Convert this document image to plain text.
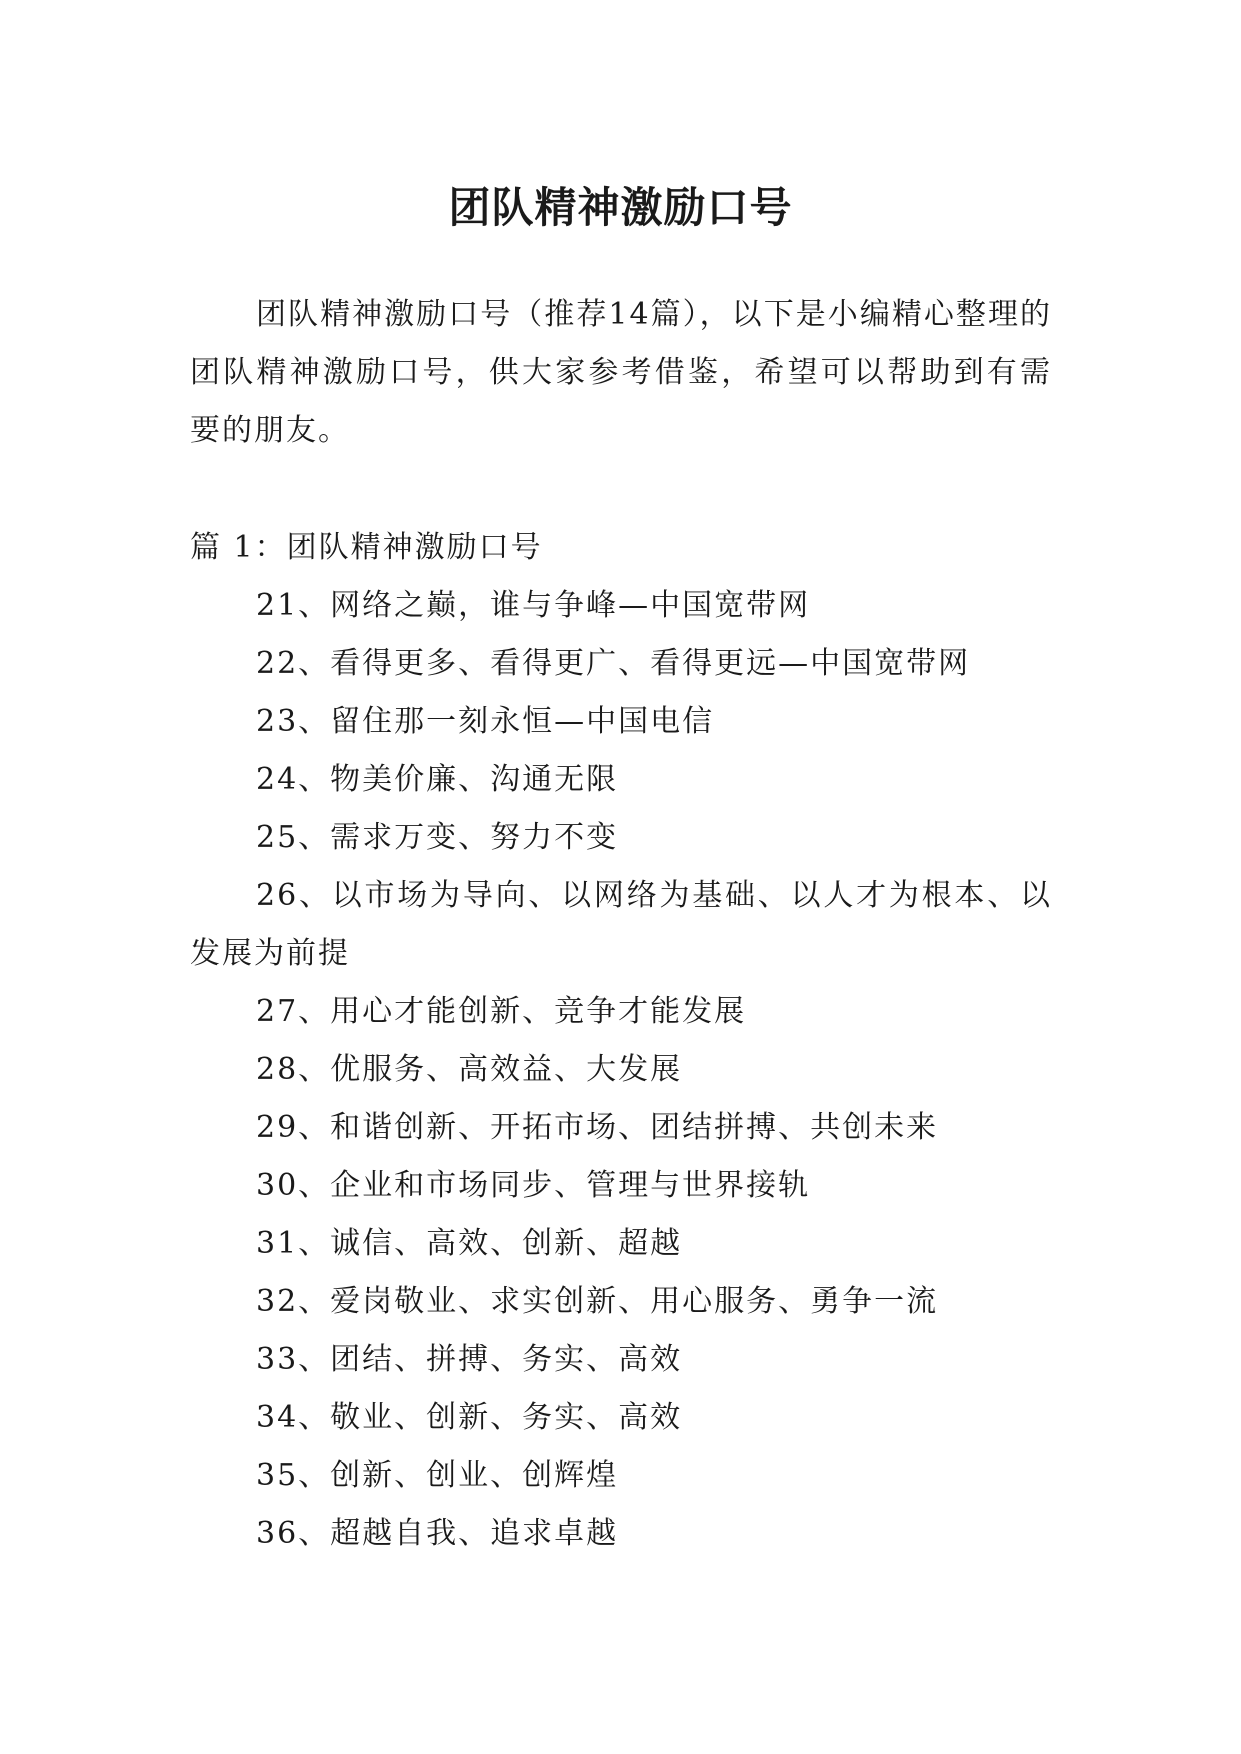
团队精神激励口号

团队精神激励口号（推荐14篇），以下是小编精心整理的团队精神激励口号，供大家参考借鉴，希望可以帮助到有需要的朋友。

篇 1：团队精神激励口号

21、网络之巅，谁与争峰—中国宽带网
22、看得更多、看得更广、看得更远—中国宽带网
23、留住那一刻永恒—中国电信
24、物美价廉、沟通无限
25、需求万变、努力不变
26、以市场为导向、以网络为基础、以人才为根本、以发展为前提
27、用心才能创新、竞争才能发展
28、优服务、高效益、大发展
29、和谐创新、开拓市场、团结拼搏、共创未来
30、企业和市场同步、管理与世界接轨
31、诚信、高效、创新、超越
32、爱岗敬业、求实创新、用心服务、勇争一流
33、团结、拼搏、务实、高效
34、敬业、创新、务实、高效
35、创新、创业、创辉煌
36、超越自我、追求卓越
